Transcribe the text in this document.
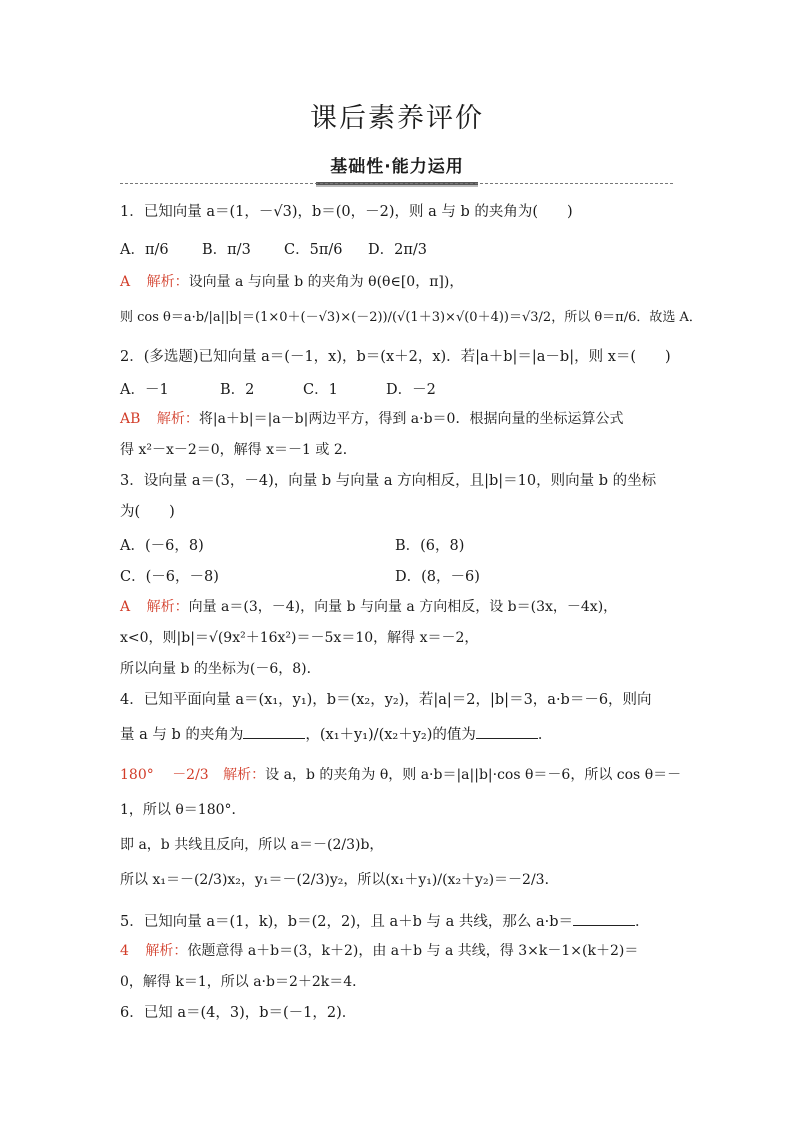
课后素养评价
基础性·能力运用
1．已知向量 a＝(1，－√3)，b＝(0，－2)，则 a 与 b 的夹角为(　　)
A．π/6 B．π/3 C．5π/6 D．2π/3
A 解析：设向量 a 与向量 b 的夹角为 θ(θ∈[0，π])，
则 cos θ＝a·b/|a||b|＝(1×0＋(－√3)×(－2))/(√(1＋3)×√(0＋4))＝√3/2，所以 θ＝π/6．故选 A．
2．(多选题)已知向量 a＝(－1，x)，b＝(x＋2，x)．若|a＋b|＝|a－b|，则 x＝(　　)
A．－1	B．2	C．1	D．－2
AB 解析：将|a＋b|＝|a－b|两边平方，得到 a·b＝0．根据向量的坐标运算公式
得 x²－x－2＝0，解得 x＝－1 或 2．
3．设向量 a＝(3，－4)，向量 b 与向量 a 方向相反，且|b|＝10，则向量 b 的坐标
为(　　)
A．(－6，8)	B．(6，8)
C．(－6，－8)	D．(8，－6)
A 解析：向量 a＝(3，－4)，向量 b 与向量 a 方向相反，设 b＝(3x，－4x)，
x<0，则|b|＝√(9x²＋16x²)＝－5x＝10，解得 x＝－2，
所以向量 b 的坐标为(－6，8)．
4．已知平面向量 a＝(x₁，y₁)，b＝(x₂，y₂)，若|a|＝2，|b|＝3，a·b＝－6，则向
量 a 与 b 的夹角为	，(x₁＋y₁)/(x₂＋y₂)的值为	．
180° －2/3 解析：设 a，b 的夹角为 θ，则 a·b＝|a||b|·cos θ＝－6，所以 cos θ＝－
1，所以 θ＝180°．
即 a，b 共线且反向，所以 a＝－(2/3)b，
所以 x₁＝－(2/3)x₂，y₁＝－(2/3)y₂，所以(x₁＋y₁)/(x₂＋y₂)＝－2/3．
5．已知向量 a＝(1，k)，b＝(2，2)，且 a＋b 与 a 共线，那么 a·b＝	．
4 解析：依题意得 a＋b＝(3，k＋2)，由 a＋b 与 a 共线，得 3×k－1×(k＋2)＝
0，解得 k＝1，所以 a·b＝2＋2k＝4．
6．已知 a＝(4，3)，b＝(－1，2)．
